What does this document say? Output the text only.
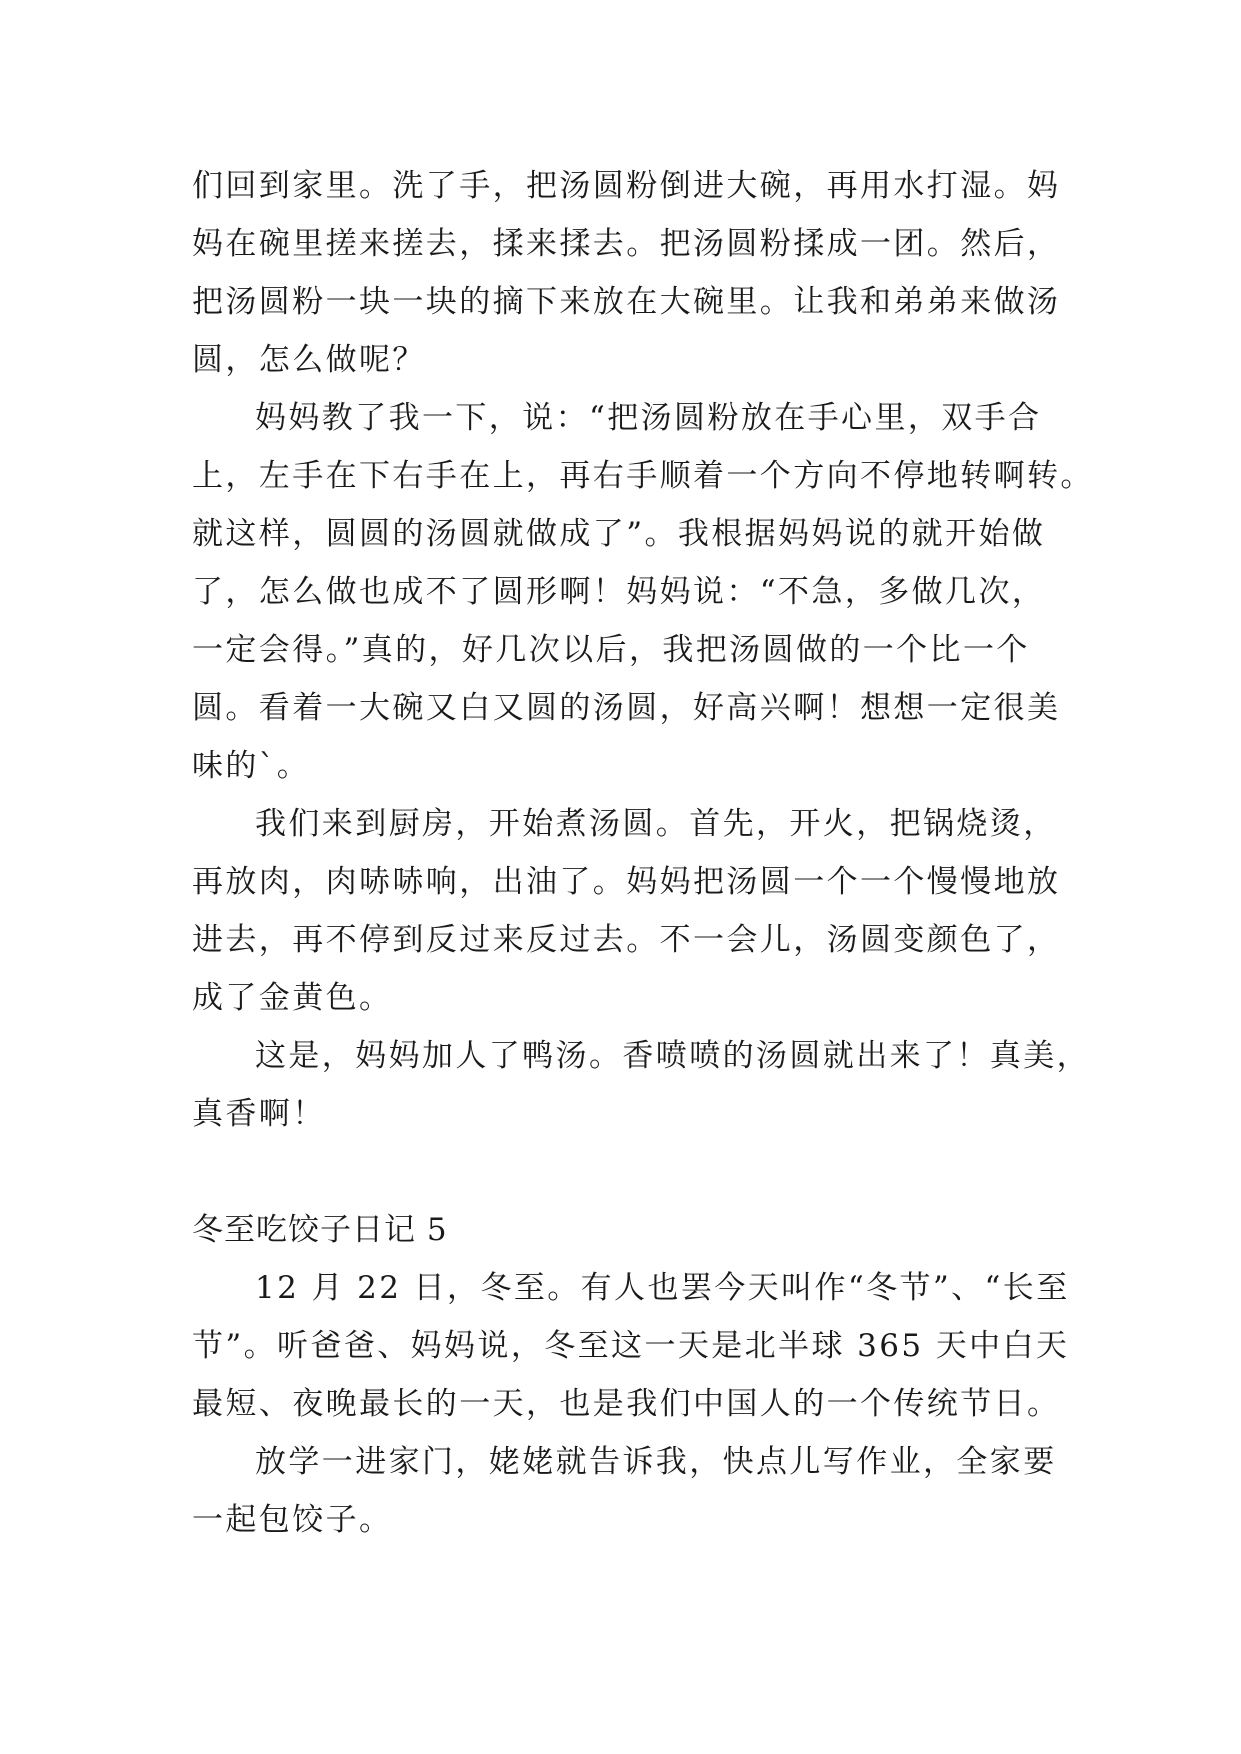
们回到家里。洗了手，把汤圆粉倒进大碗，再用水打湿。妈
妈在碗里搓来搓去，揉来揉去。把汤圆粉揉成一团。然后，
把汤圆粉一块一块的摘下来放在大碗里。让我和弟弟来做汤
圆，怎么做呢？
妈妈教了我一下，说：“把汤圆粉放在手心里，双手合
上，左手在下右手在上，再右手顺着一个方向不停地转啊转。
就这样，圆圆的汤圆就做成了”。我根据妈妈说的就开始做
了，怎么做也成不了圆形啊！妈妈说：“不急，多做几次，
一定会得。”真的，好几次以后，我把汤圆做的一个比一个
圆。看着一大碗又白又圆的汤圆，好高兴啊！想想一定很美
味的`。
我们来到厨房，开始煮汤圆。首先，开火，把锅烧烫，
再放肉，肉哧哧响，出油了。妈妈把汤圆一个一个慢慢地放
进去，再不停到反过来反过去。不一会儿，汤圆变颜色了，
成了金黄色。
这是，妈妈加人了鸭汤。香喷喷的汤圆就出来了！真美，
真香啊！
冬至吃饺子日记 5
12 月 22 日，冬至。有人也罢今天叫作“冬节”、“长至
节”。听爸爸、妈妈说，冬至这一天是北半球 365 天中白天
最短、夜晚最长的一天，也是我们中国人的一个传统节日。
放学一进家门，姥姥就告诉我，快点儿写作业，全家要
一起包饺子。
